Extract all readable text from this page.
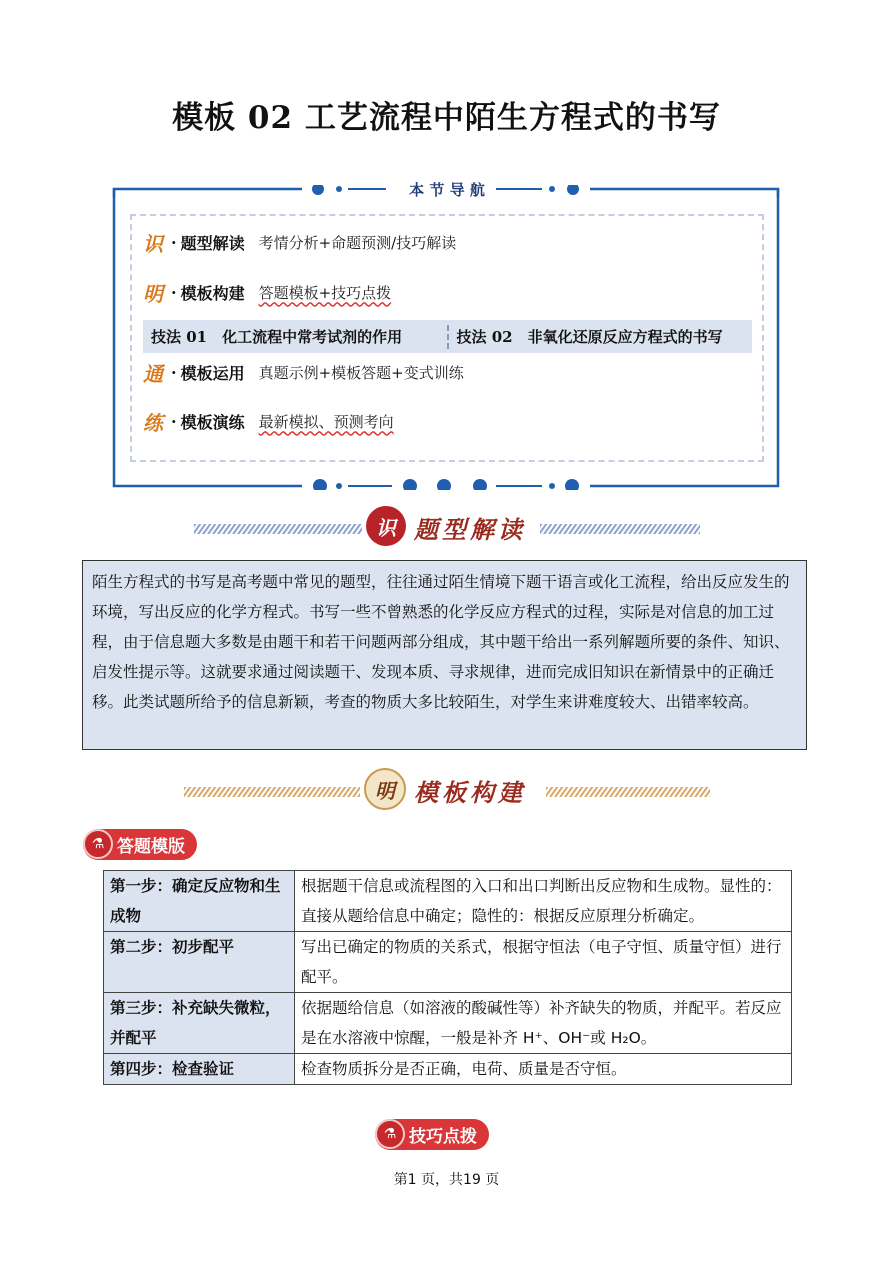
模板 02 工艺流程中陌生方程式的书写
本 节 导 航
识 · 题型解读 考情分析+命题预测/技巧解读
明 · 模板构建 答题模板+技巧点拨
技法 01　化工流程中常考试剂的作用	技法 02　非氧化还原反应方程式的书写
通 · 模板运用 真题示例+模板答题+变式训练
练 · 模板演练 最新模拟、预测考向
识 题型解读
陌生方程式的书写是高考题中常见的题型，往往通过陌生情境下题干语言或化工流程，给出反应发生的环境，写出反应的化学方程式。书写一些不曾熟悉的化学反应方程式的过程，实际是对信息的加工过程，由于信息题大多数是由题干和若干问题两部分组成，其中题干给出一系列解题所要的条件、知识、启发性提示等。这就要求通过阅读题干、发现本质、寻求规律，进而完成旧知识在新情景中的正确迁移。此类试题所给予的信息新颖，考查的物质大多比较陌生，对学生来讲难度较大、出错率较高。
明 模板构建
⚗ 答题模版
第一步：确定反应物和生成物	根据题干信息或流程图的入口和出口判断出反应物和生成物。显性的：直接从题给信息中确定；隐性的：根据反应原理分析确定。
第二步：初步配平	写出已确定的物质的关系式，根据守恒法（电子守恒、质量守恒）进行配平。
第三步：补充缺失微粒，并配平	依据题给信息（如溶液的酸碱性等）补齐缺失的物质，并配平。若反应是在水溶液中惊醒，一般是补齐 H⁺、OH⁻或 H₂O。
第四步：检查验证	检查物质拆分是否正确，电荷、质量是否守恒。
⚗ 技巧点拨
第1 页，共19 页
